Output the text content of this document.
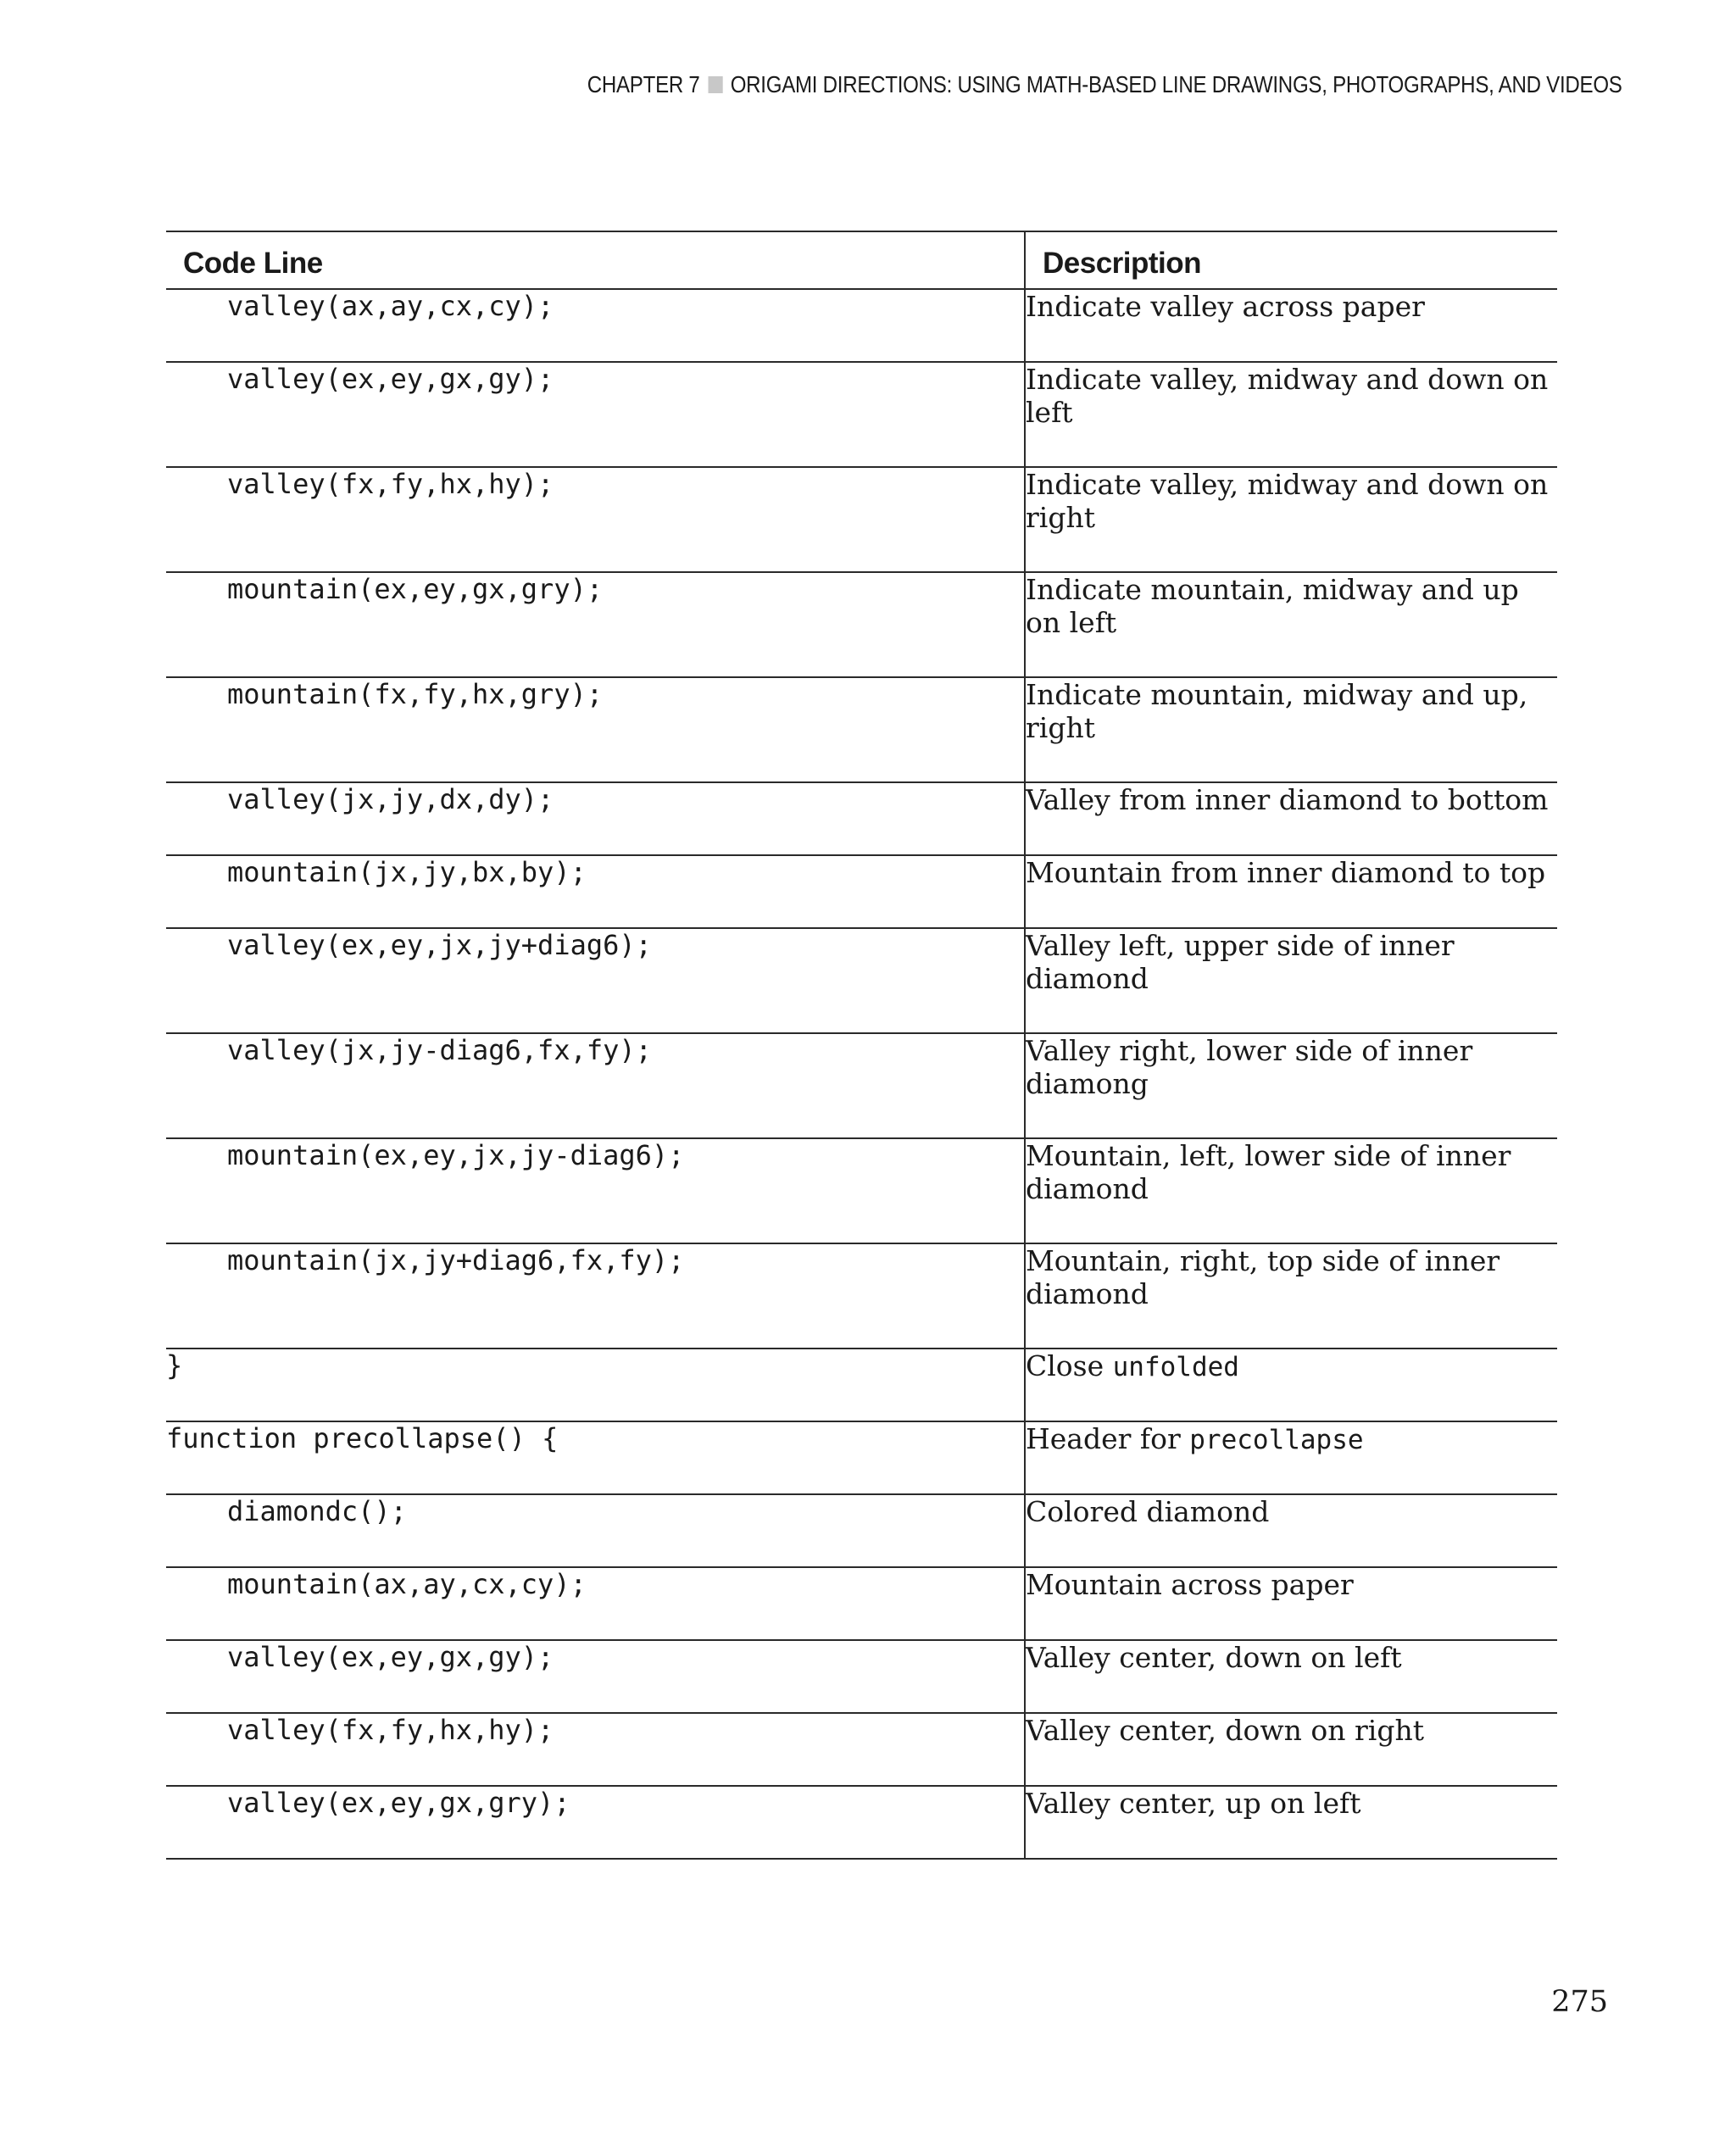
CHAPTER 7 ORIGAMI DIRECTIONS: USING MATH-BASED LINE DRAWINGS, PHOTOGRAPHS, AND VIDEOS
Code Line	Description
valley(ax,ay,cx,cy);	Indicate valley across paper
valley(ex,ey,gx,gy);	Indicate valley, midway and down on left
valley(fx,fy,hx,hy);	Indicate valley, midway and down on right
mountain(ex,ey,gx,gry);	Indicate mountain, midway and up on left
mountain(fx,fy,hx,gry);	Indicate mountain, midway and up, right
valley(jx,jy,dx,dy);	Valley from inner diamond to bottom
mountain(jx,jy,bx,by);	Mountain from inner diamond to top
valley(ex,ey,jx,jy+diag6);	Valley left, upper side of inner diamond
valley(jx,jy-diag6,fx,fy);	Valley right, lower side of inner diamong
mountain(ex,ey,jx,jy-diag6);	Mountain, left, lower side of inner diamond
mountain(jx,jy+diag6,fx,fy);	Mountain, right, top side of inner diamond
}	Close unfolded
function precollapse() {	Header for precollapse
diamondc();	Colored diamond
mountain(ax,ay,cx,cy);	Mountain across paper
valley(ex,ey,gx,gy);	Valley center, down on left
valley(fx,fy,hx,hy);	Valley center, down on right
valley(ex,ey,gx,gry);	Valley center, up on left
275
